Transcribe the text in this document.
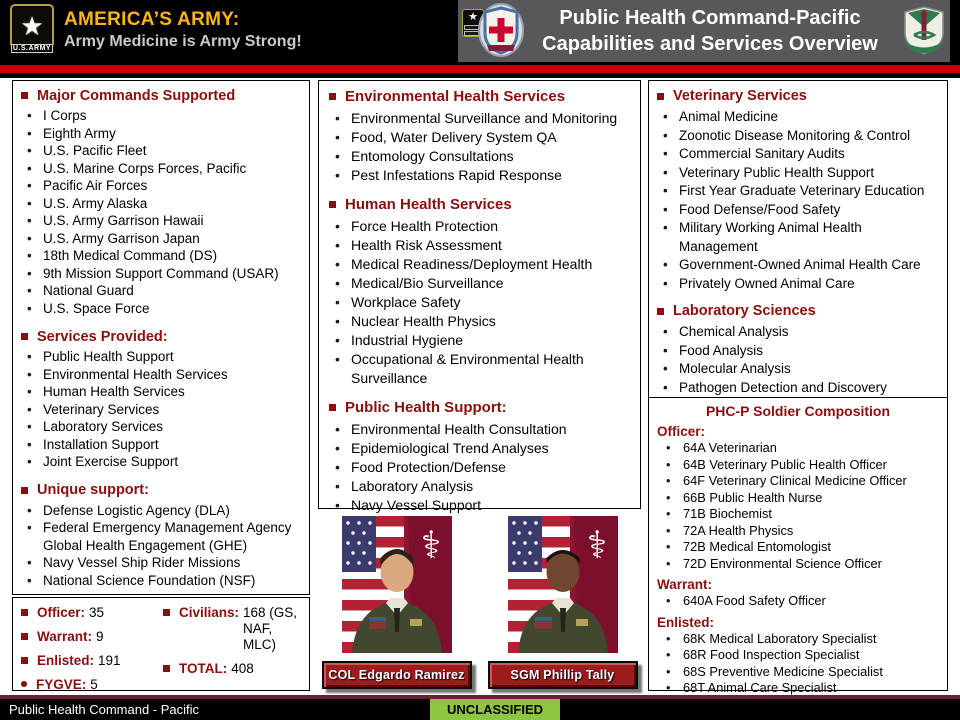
★
U.S.ARMY
AMERICA’S ARMY:
Army Medicine is Army Strong!
★	Public Health Command-Pacific
Capabilities and Services Overview
Major Commands Supported
• I Corps
• Eighth Army
• U.S. Pacific Fleet
• U.S. Marine Corps Forces, Pacific
• Pacific Air Forces
• U.S. Army Alaska
• U.S. Army Garrison Hawaii
• U.S. Army Garrison Japan
• 18th Medical Command (DS)
• 9th Mission Support Command (USAR)
• National Guard
• U.S. Space Force
Services Provided:
• Public Health Support
• Environmental Health Services
• Human Health Services
• Veterinary Services
• Laboratory Services
• Installation Support
• Joint Exercise Support
Unique support:
• Defense Logistic Agency (DLA)
• Federal Emergency Management Agency Global Health Engagement (GHE)
• Navy Vessel Ship Rider Missions
• National Science Foundation (NSF)
Officer: 35
Warrant: 9
Enlisted: 191
FYGVE: 5
Civilians: 168 (GS, NAF, MLC)
TOTAL: 408
Environmental Health Services
• Environmental Surveillance and Monitoring
• Food, Water Delivery System QA
• Entomology Consultations
• Pest Infestations Rapid Response
Human Health Services
• Force Health Protection
• Health Risk Assessment
• Medical Readiness/Deployment Health
• Medical/Bio Surveillance
• Workplace Safety
• Nuclear Health Physics
• Industrial Hygiene
• Occupational & Environmental Health Surveillance
Public Health Support:
• Environmental Health Consultation
• Epidemiological Trend Analyses
• Food Protection/Defense
• Laboratory Analysis
• Navy Vessel Support
⚕
COL Edgardo Ramirez
⚕
SGM Phillip Tally
Veterinary Services
• Animal Medicine
• Zoonotic Disease Monitoring & Control
• Commercial Sanitary Audits
• Veterinary Public Health Support
• First Year Graduate Veterinary Education
• Food Defense/Food Safety
• Military Working Animal Health Management
• Government-Owned Animal Health Care
• Privately Owned Animal Care
Laboratory Sciences
• Chemical Analysis
• Food Analysis
• Molecular Analysis
• Pathogen Detection and Discovery
PHC-P Soldier Composition
Officer:
• 64A Veterinarian
• 64B Veterinary Public Health Officer
• 64F Veterinary Clinical Medicine Officer
• 66B Public Health Nurse
• 71B Biochemist
• 72A Health Physics
• 72B Medical Entomologist
• 72D Environmental Science Officer
Warrant:
• 640A Food Safety Officer
Enlisted:
• 68K Medical Laboratory Specialist
• 68R Food Inspection Specialist
• 68S Preventive Medicine Specialist
• 68T Animal Care Specialist
Public Health Command - Pacific	UNCLASSIFIED
